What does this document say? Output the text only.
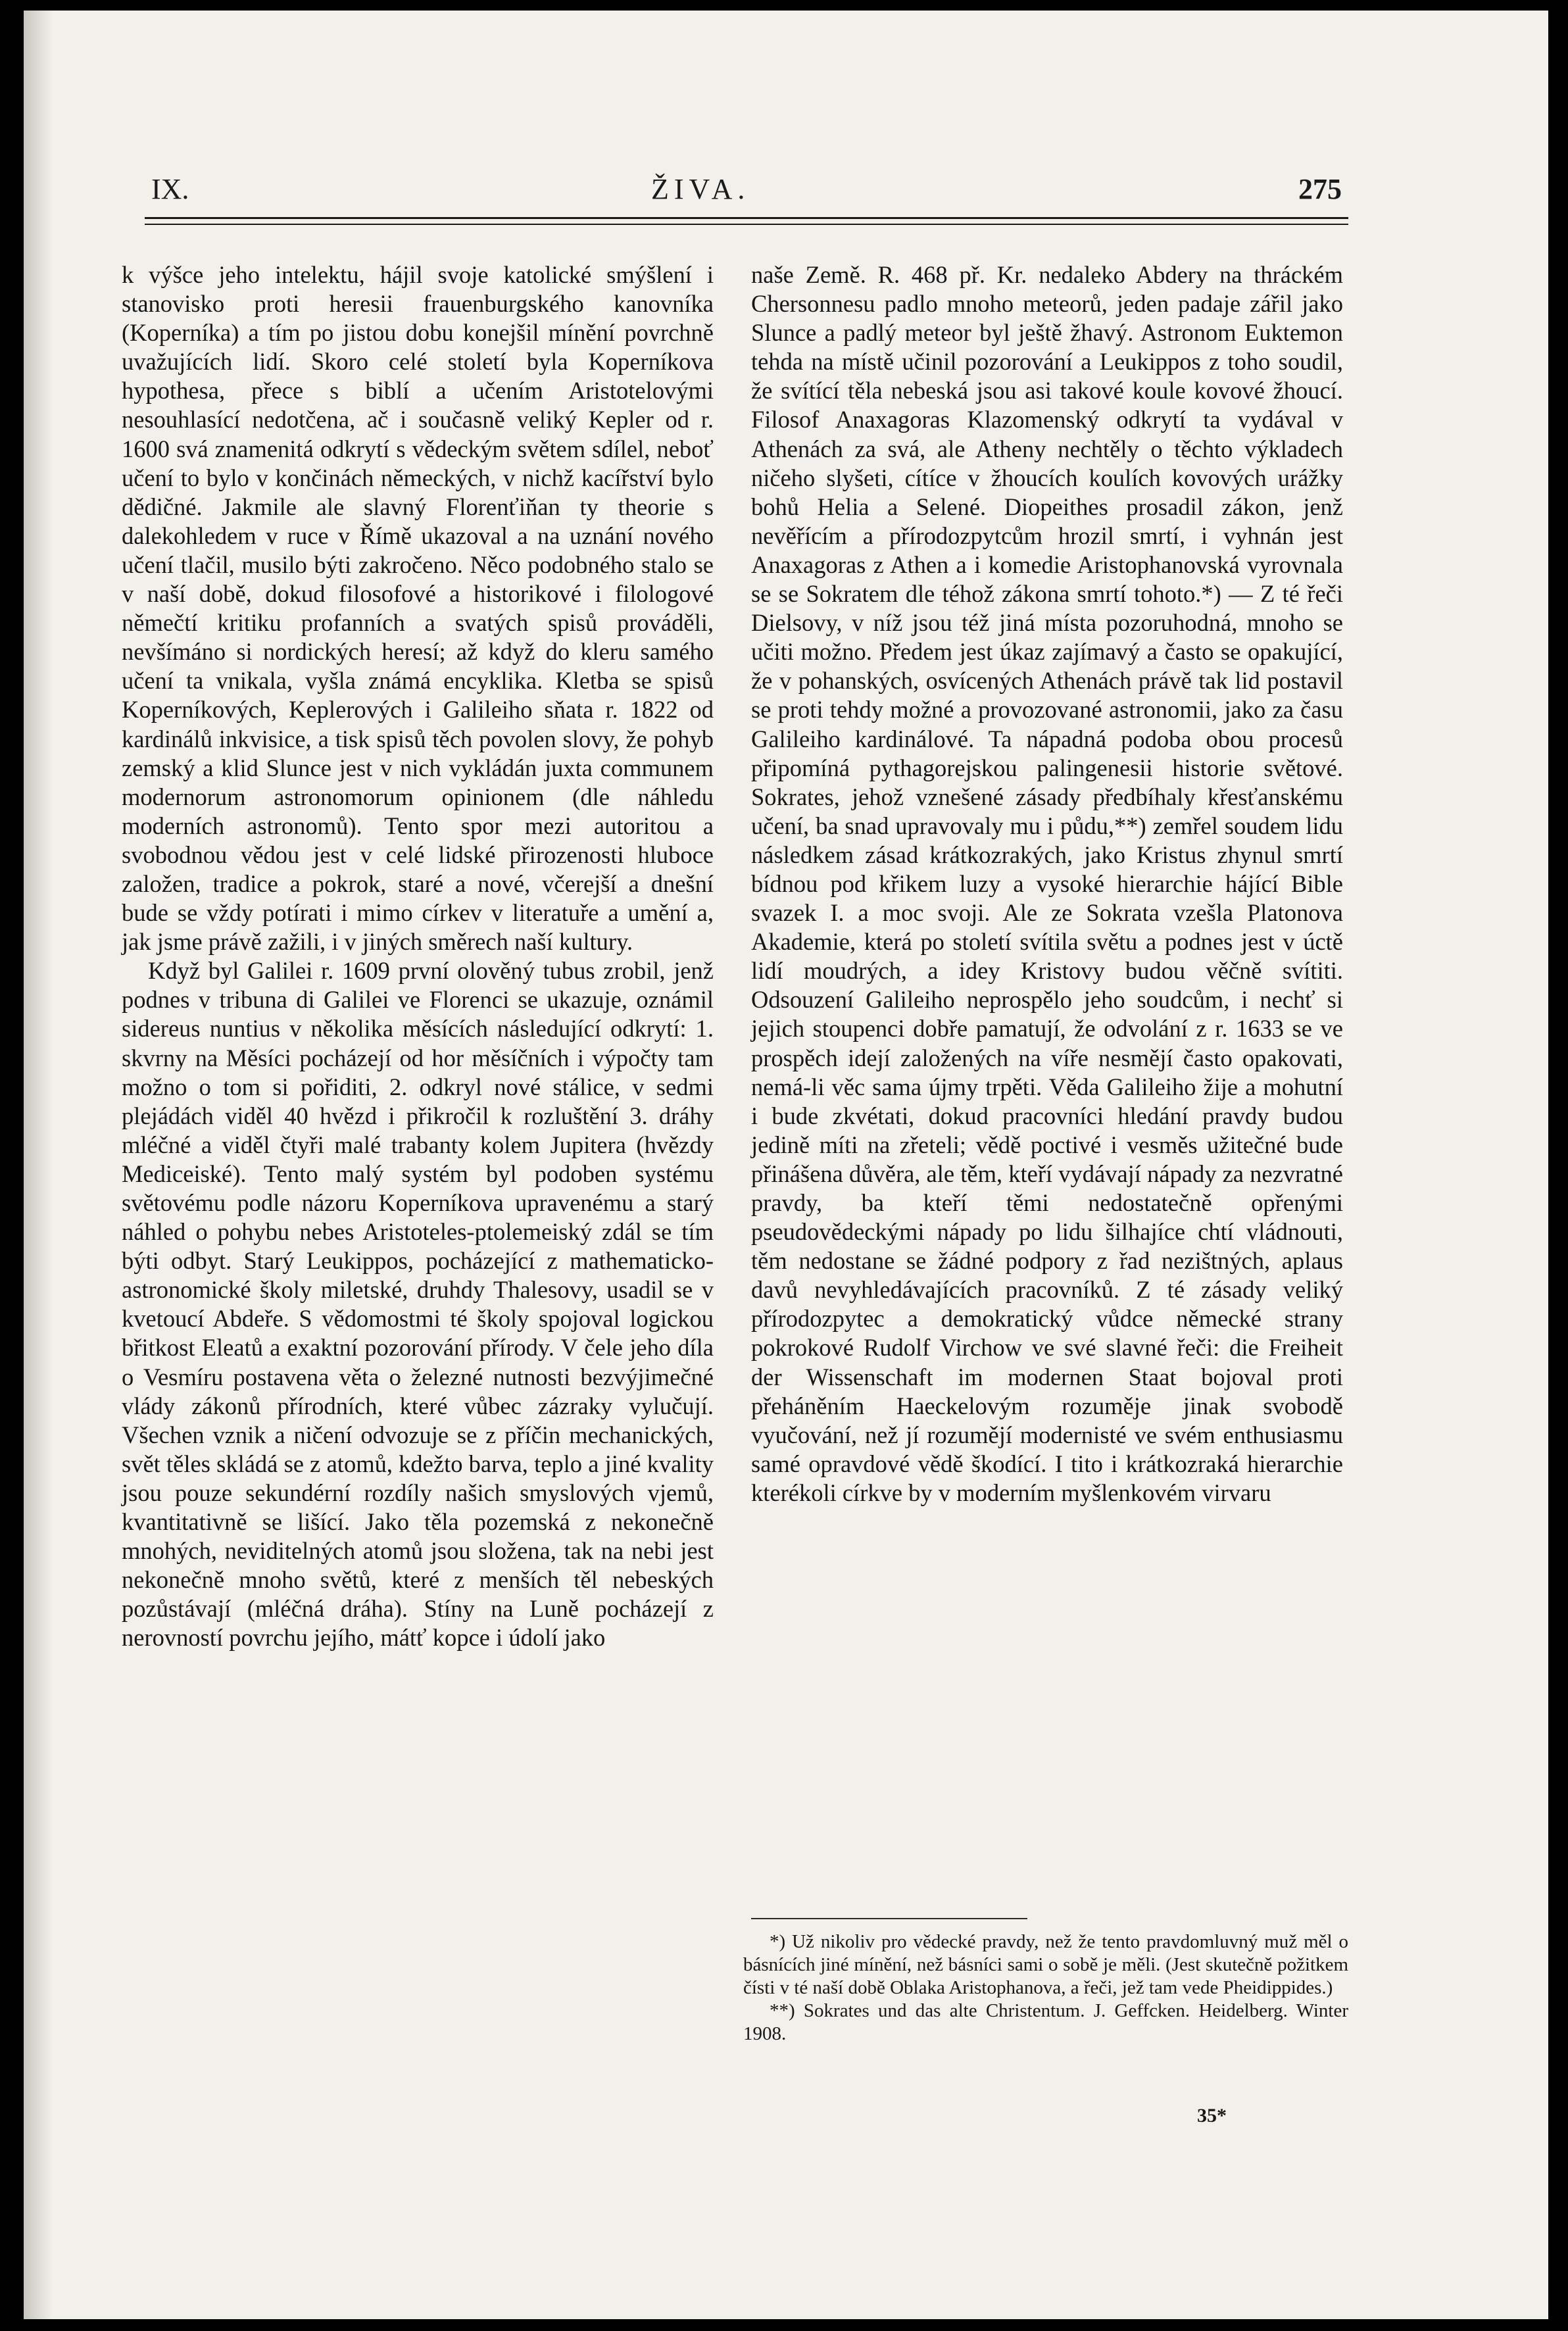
IX.	ŽIVA.	275

k výšce jeho intelektu, hájil svoje katolické smýšlení i stanovisko proti heresii frauenburgského kanovníka (Koperníka) a tím po jistou dobu konejšil mínění povrchně uvažujících lidí. Skoro celé století byla Koperníkova hypothesa, přece s biblí a učením Aristotelovými nesouhlasící nedotčena, ač i současně veliký Kepler od r. 1600 svá znamenitá odkrytí s vědeckým světem sdílel, neboť učení to bylo v končinách německých, v nichž kacířství bylo dědičné. Jakmile ale slavný Florenťiňan ty theorie s dalekohledem v ruce v Římě ukazoval a na uznání nového učení tlačil, musilo býti zakročeno. Něco podobného stalo se v naší době, dokud filosofové a historikové i filologové němečtí kritiku profanních a svatých spisů prováděli, nevšímáno si nordických heresí; až když do kleru samého učení ta vnikala, vyšla známá encyklika. Kletba se spisů Koperníkových, Keplerových i Galileiho sňata r. 1822 od kardinálů inkvisice, a tisk spisů těch povolen slovy, že pohyb zemský a klid Slunce jest v nich vykládán juxta communem modernorum astronomorum opinionem (dle náhledu moderních astronomů). Tento spor mezi autoritou a svobodnou vědou jest v celé lidské přirozenosti hluboce založen, tradice a pokrok, staré a nové, včerejší a dnešní bude se vždy potírati i mimo církev v literatuře a umění a, jak jsme právě zažili, i v jiných směrech naší kultury.

Když byl Galilei r. 1609 první olověný tubus zrobil, jenž podnes v tribuna di Galilei ve Florenci se ukazuje, oznámil sidereus nuntius v několika měsících následující odkrytí: 1. skvrny na Měsíci pocházejí od hor měsíčních i výpočty tam možno o tom si pořiditi, 2. odkryl nové stálice, v sedmi plejádách viděl 40 hvězd i přikročil k rozluštění 3. dráhy mléčné a viděl čtyři malé trabanty kolem Jupitera (hvězdy Mediceiské). Tento malý systém byl podoben systému světovému podle názoru Koperníkova upravenému a starý náhled o pohybu nebes Aristoteles-ptolemeiský zdál se tím býti odbyt. Starý Leukippos, pocházející z mathematicko-astronomické školy miletské, druhdy Thalesovy, usadil se v kvetoucí Abdeře. S vědomostmi té školy spojoval logickou břitkost Eleatů a exaktní pozorování přírody. V čele jeho díla o Vesmíru postavena věta o železné nutnosti bezvýjimečné vlády zákonů přírodních, které vůbec zázraky vylučují. Všechen vznik a ničení odvozuje se z příčin mechanických, svět těles skládá se z atomů, kdežto barva, teplo a jiné kvality jsou pouze sekundérní rozdíly našich smyslových vjemů, kvantitativně se lišící. Jako těla pozemská z nekonečně mnohých, neviditelných atomů jsou složena, tak na nebi jest nekonečně mnoho světů, které z menších těl nebeských pozůstávají (mléčná dráha). Stíny na Luně pocházejí z nerovností povrchu jejího, mátť kopce i údolí jako

naše Země. R. 468 př. Kr. nedaleko Abdery na thráckém Chersonnesu padlo mnoho meteorů, jeden padaje zářil jako Slunce a padlý meteor byl ještě žhavý. Astronom Euktemon tehda na místě učinil pozorování a Leukippos z toho soudil, že svítící těla nebeská jsou asi takové koule kovové žhoucí. Filosof Anaxagoras Klazomenský odkrytí ta vydával v Athenách za svá, ale Atheny nechtěly o těchto výkladech ničeho slyšeti, cítíce v žhoucích koulích kovových urážky bohů Helia a Selené. Diopeithes prosadil zákon, jenž nevěřícím a přírodozpytcům hrozil smrtí, i vyhnán jest Anaxagoras z Athen a i komedie Aristophanovská vyrovnala se se Sokratem dle téhož zákona smrtí tohoto.*) — Z té řeči Dielsovy, v níž jsou též jiná místa pozoruhodná, mnoho se učiti možno. Předem jest úkaz zajímavý a často se opakující, že v pohanských, osvícených Athenách právě tak lid postavil se proti tehdy možné a provozované astronomii, jako za času Galileiho kardinálové. Ta nápadná podoba obou procesů připomíná pythagorejskou palingenesii historie světové. Sokrates, jehož vznešené zásady předbíhaly křesťanskému učení, ba snad upravovaly mu i půdu,**) zemřel soudem lidu následkem zásad krátkozrakých, jako Kristus zhynul smrtí bídnou pod křikem luzy a vysoké hierarchie hájící Bible svazek I. a moc svoji. Ale ze Sokrata vzešla Platonova Akademie, která po století svítila světu a podnes jest v úctě lidí moudrých, a idey Kristovy budou věčně svítiti. Odsouzení Galileiho neprospělo jeho soudcům, i nechť si jejich stoupenci dobře pamatují, že odvolání z r. 1633 se ve prospěch idejí založených na víře nesmějí často opakovati, nemá-li věc sama újmy trpěti. Věda Galileiho žije a mohutní i bude zkvétati, dokud pracovníci hledání pravdy budou jedině míti na zřeteli; vědě poctivé i vesměs užitečné bude přinášena důvěra, ale těm, kteří vydávají nápady za nezvratné pravdy, ba kteří těmi nedostatečně opřenými pseudovědeckými nápady po lidu šilhajíce chtí vládnouti, těm nedostane se žádné podpory z řad nezištných, aplaus davů nevyhledávajících pracovníků. Z té zásady veliký přírodozpytec a demokratický vůdce německé strany pokrokové Rudolf Virchow ve své slavné řeči: die Freiheit der Wissenschaft im modernen Staat bojoval proti přeháněním Haeckelovým rozuměje jinak svobodě vyučování, než jí rozumějí modernisté ve svém enthusiasmu samé opravdové vědě škodící. I tito i krátkozraká hierarchie kterékoli církve by v moderním myšlenkovém virvaru

*) Už nikoliv pro vědecké pravdy, než že tento pravdomluvný muž měl o básnících jiné mínění, než básníci sami o sobě je měli. (Jest skutečně požitkem čísti v té naší době Oblaka Aristophanova, a řeči, jež tam vede Pheidippides.)

**) Sokrates und das alte Christentum. J. Geffcken. Heidelberg. Winter 1908.

35*
